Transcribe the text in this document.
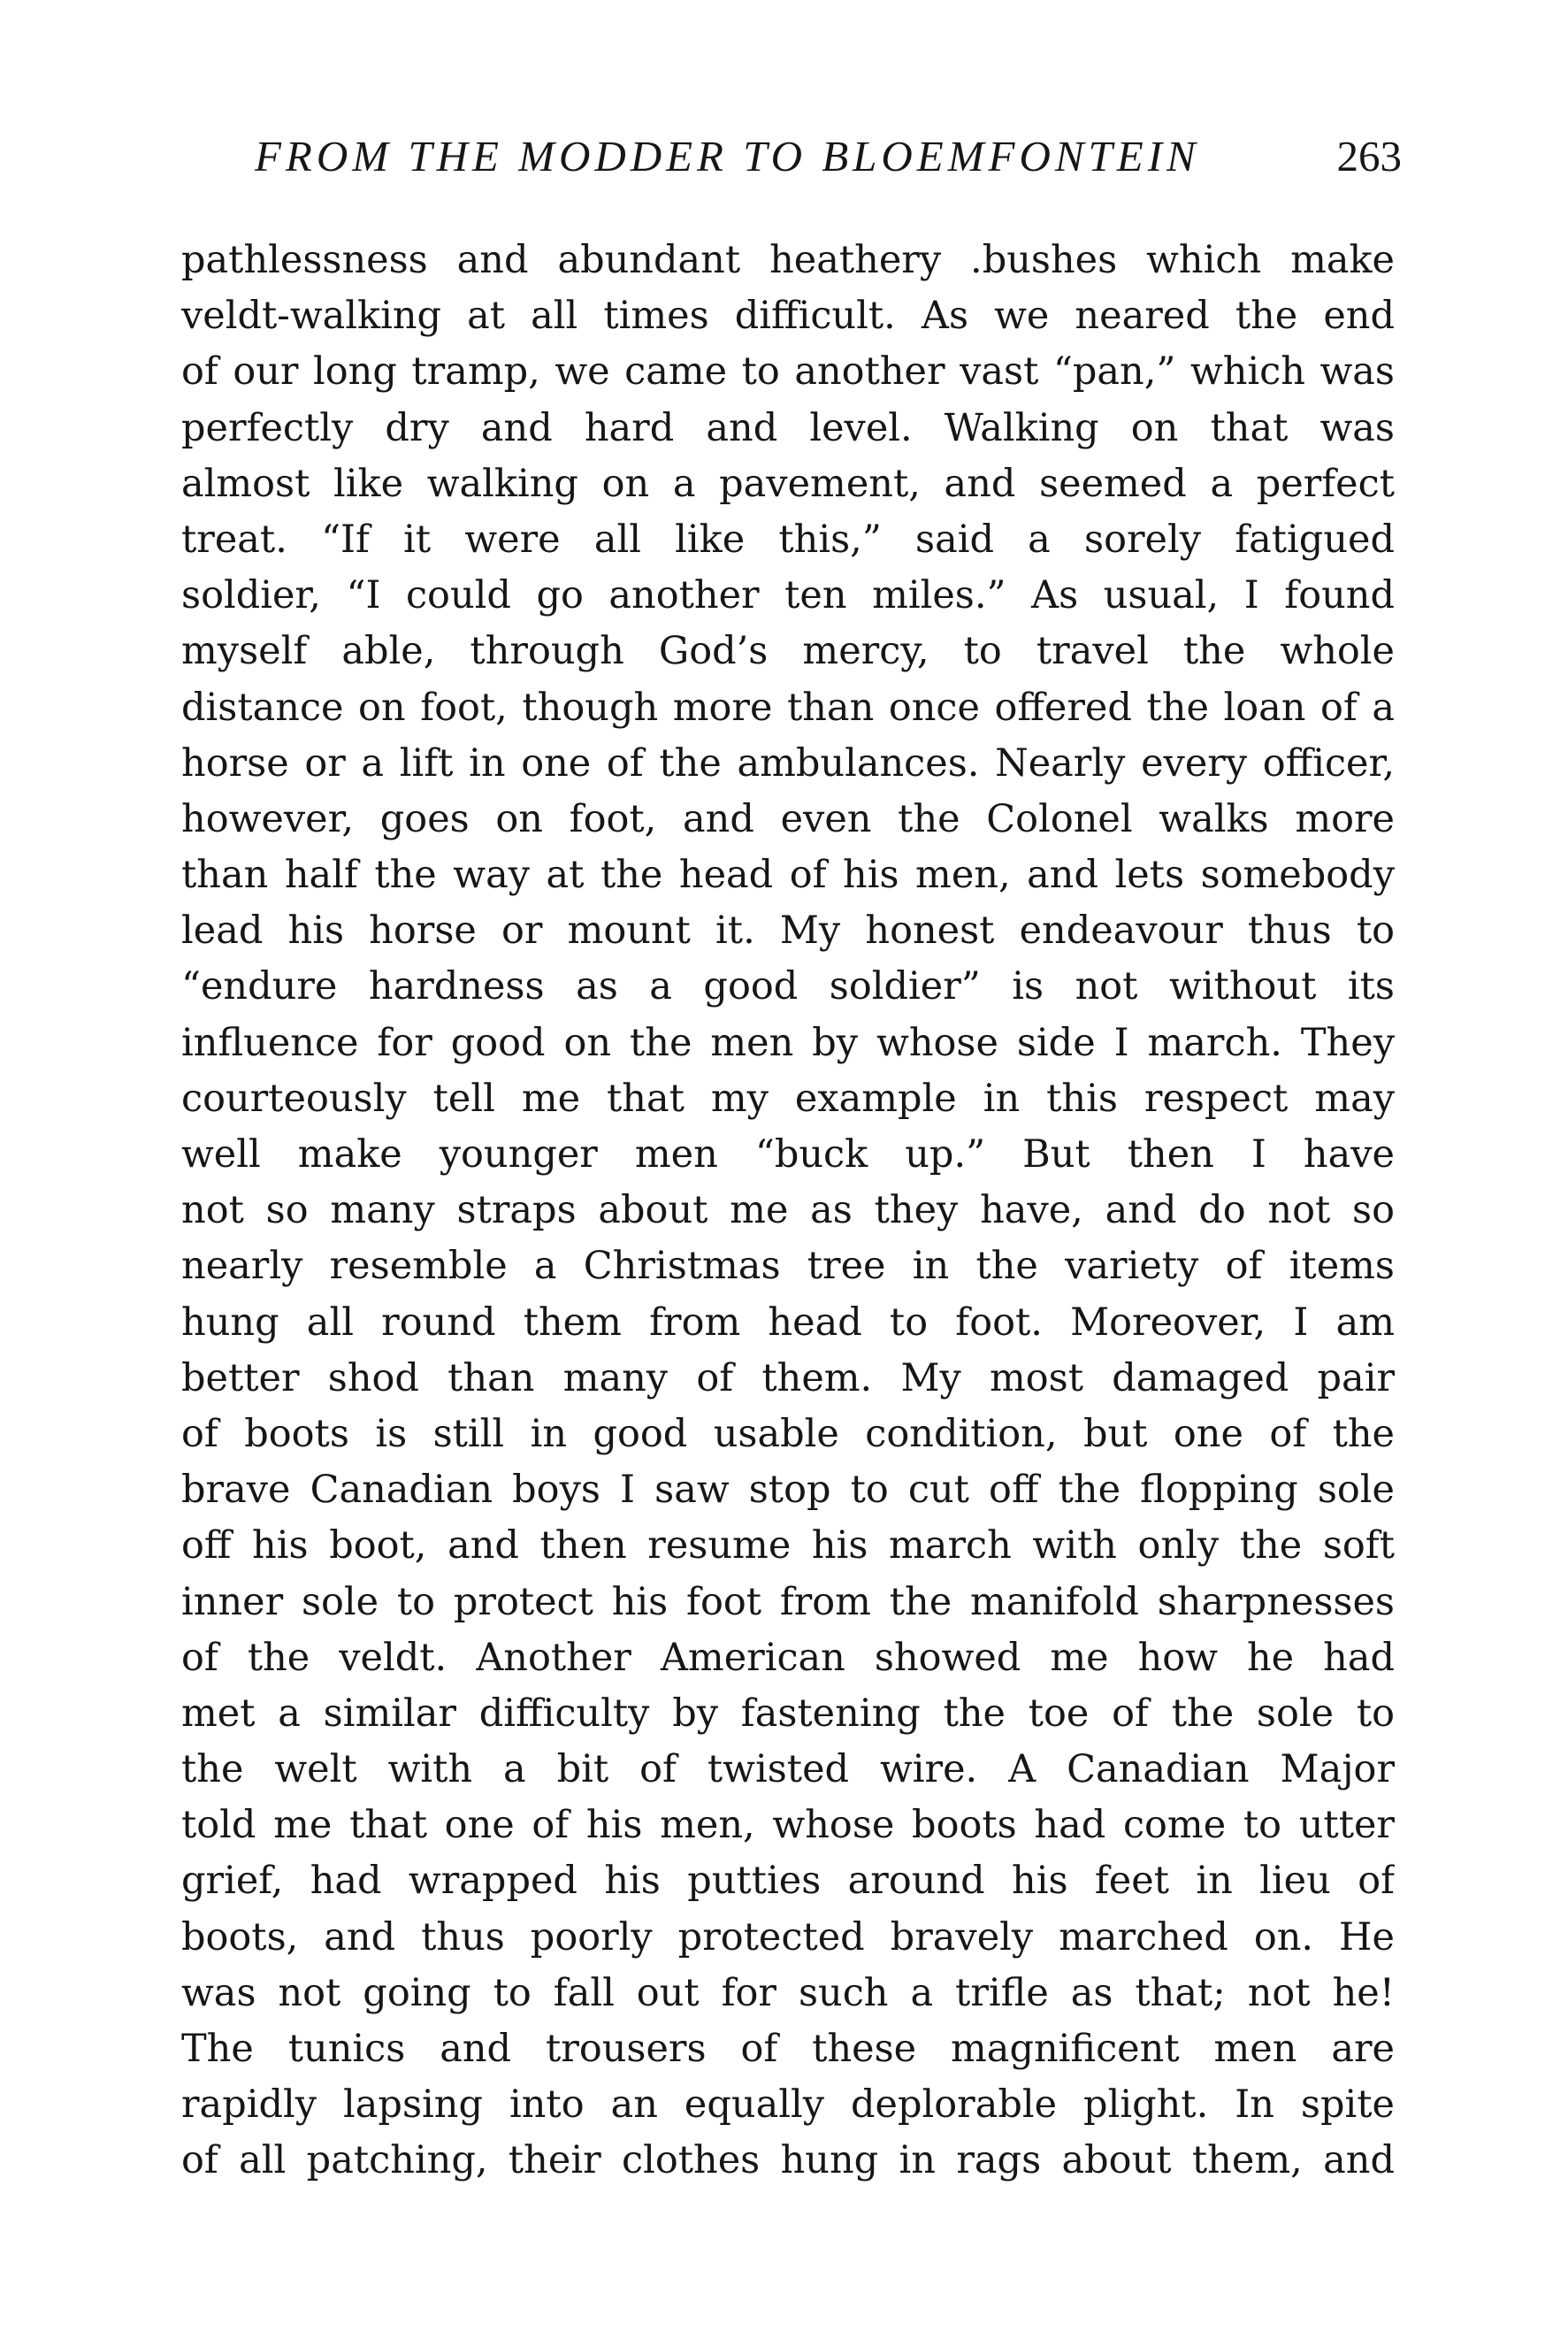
FROM THE MODDER TO BLOEMFONTEIN	263
pathlessness and abundant heathery .bushes which make
veldt-walking at all times difficult. As we neared the end
of our long tramp, we came to another vast “pan,” which was
perfectly dry and hard and level. Walking on that was
almost like walking on a pavement, and seemed a perfect
treat. “If it were all like this,” said a sorely fatigued
soldier, “I could go another ten miles.” As usual, I found
myself able, through God’s mercy, to travel the whole
distance on foot, though more than once offered the loan of a
horse or a lift in one of the ambulances. Nearly every officer,
however, goes on foot, and even the Colonel walks more
than half the way at the head of his men, and lets somebody
lead his horse or mount it. My honest endeavour thus to
“endure hardness as a good soldier” is not without its
influence for good on the men by whose side I march. They
courteously tell me that my example in this respect may
well make younger men “buck up.” But then I have
not so many straps about me as they have, and do not so
nearly resemble a Christmas tree in the variety of items
hung all round them from head to foot. Moreover, I am
better shod than many of them. My most damaged pair
of boots is still in good usable condition, but one of the
brave Canadian boys I saw stop to cut off the flopping sole
off his boot, and then resume his march with only the soft
inner sole to protect his foot from the manifold sharpnesses
of the veldt. Another American showed me how he had
met a similar difficulty by fastening the toe of the sole to
the welt with a bit of twisted wire. A Canadian Major
told me that one of his men, whose boots had come to utter
grief, had wrapped his putties around his feet in lieu of
boots, and thus poorly protected bravely marched on. He
was not going to fall out for such a trifle as that; not he!
The tunics and trousers of these magnificent men are
rapidly lapsing into an equally deplorable plight. In spite
of all patching, their clothes hung in rags about them, and
